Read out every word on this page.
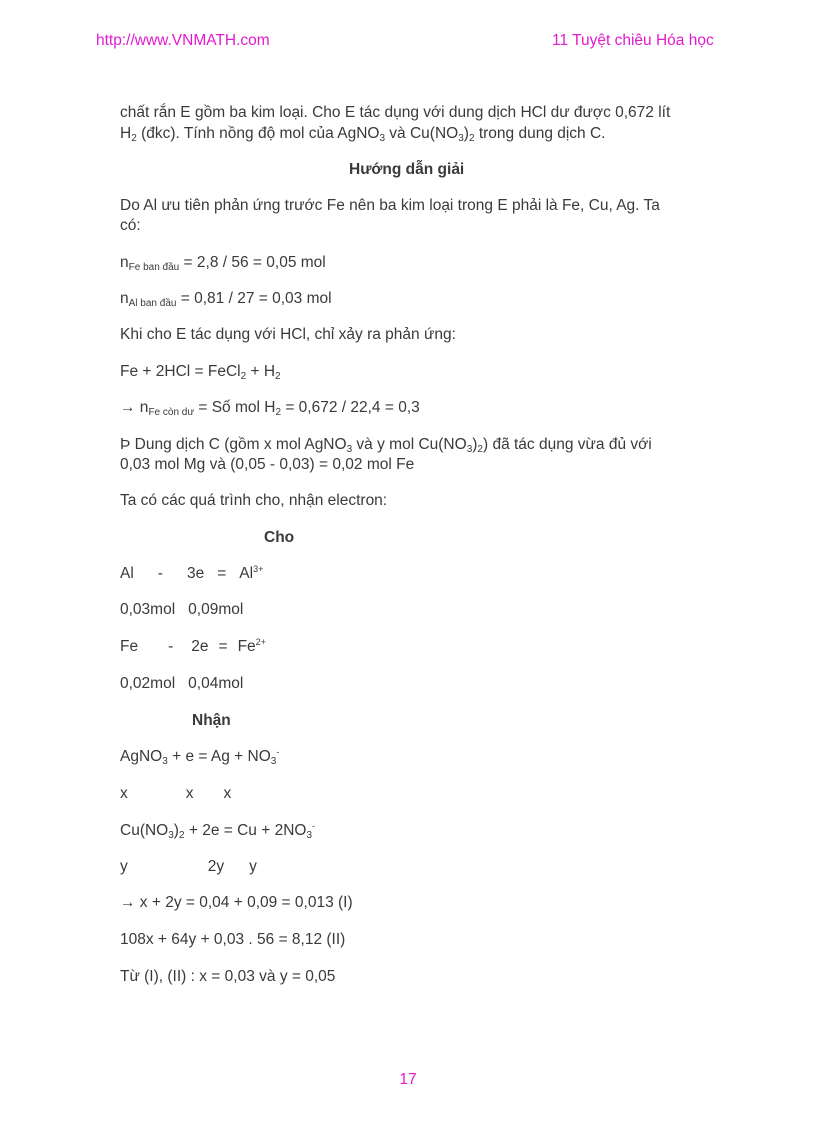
http://www.VNMATH.com	11 Tuyệt chiêu Hóa học
chất rắn E gồm ba kim loại. Cho E tác dụng với dung dịch HCl dư được 0,672 lít
$H_2$ (đkc). Tính nồng độ mol của AgNO$_3$ và $Cu(NO_3)_2$ trong dung dịch C.
Hướng dẫn giải
Do Al ưu tiên phản ứng trước Fe nên ba kim loại trong E phải là Fe, Cu, Ag. Ta
có:
$n_{Fe ban đầu} = 2,8 / 56 = 0,05$ mol
$n_{Al ban đầu} = 0,81 / 27 = 0,03$ mol
Khi cho E tác dụng với HCl, chỉ xảy ra phản ứng:
Fe + 2HCl = FeCl$_2$ + $H_2$
→ $n_{Fe còn dư}$ = Số mol $H_2 = 0,672 / 22,4 = 0,3$
Þ Dung dịch C (gồm x mol AgNO$_3$ và y mol $Cu(NO_3)_2$) đã tác dụng vừa đủ với
0,03 mol Mg và (0,05 - 0,03) = 0,02 mol Fe
Ta có các quá trình cho, nhận electron:
Cho
$Al - 3e = Al^{3+}$
0,03mol 0,09mol
$Fe - 2e = Fe^{2+}$
0,02mol 0,04mol
Nhận
AgNO$_3$ + $e = Ag + NO_3^-$
x	x x
$Cu(NO_3)_2 + 2e = Cu + 2NO_3^-$
y	2y y
→ x + 2y = 0,04 + 0,09 = 0,013 (I)
108x + 64y + 0,03 . 56 = 8,12 (II)
Từ (I), (II) : x = 0,03 và y = 0,05
17
